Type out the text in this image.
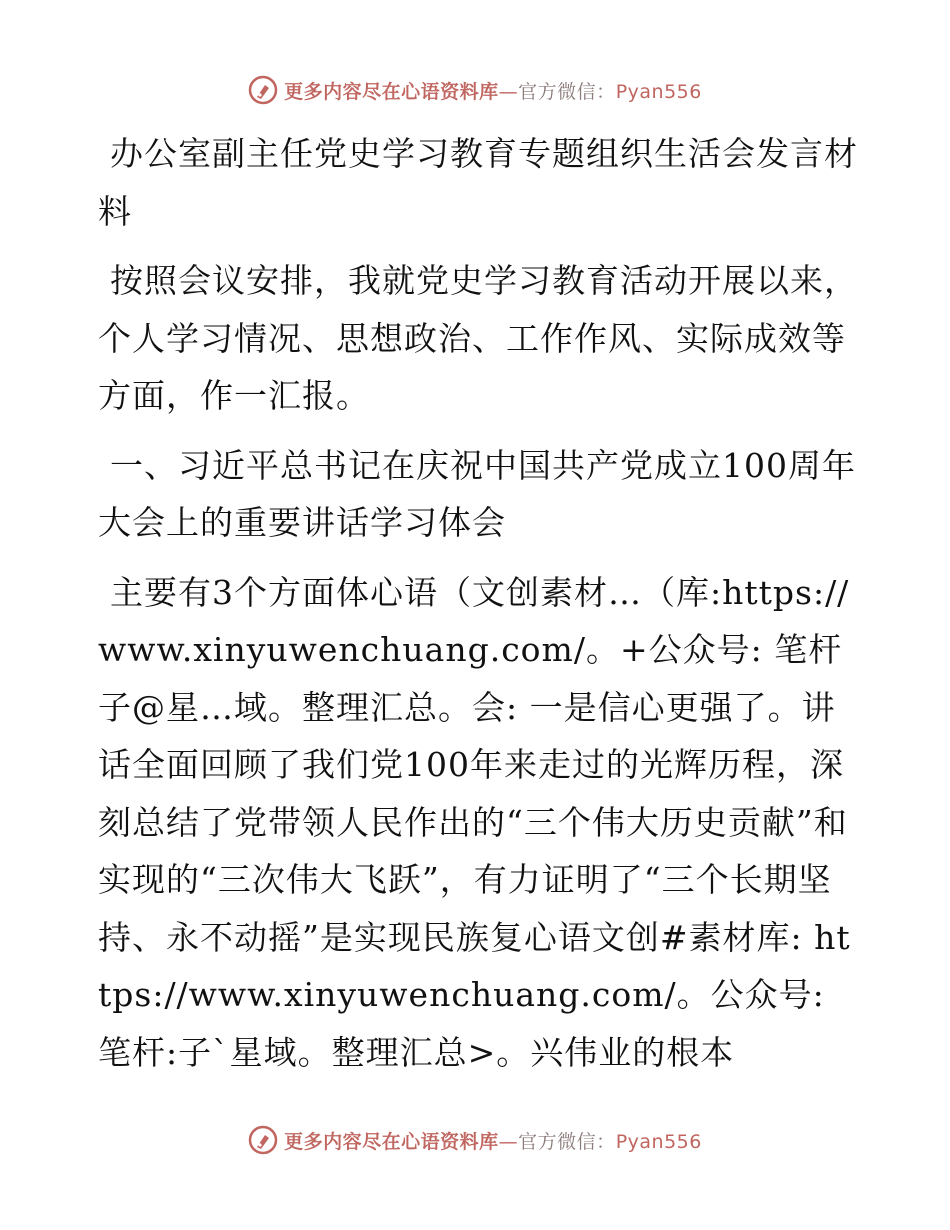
更多内容尽在心语资料库—官方微信：Pyan556

办公室副主任党史学习教育专题组织生活会发言材料

按照会议安排，我就党史学习教育活动开展以来，个人学习情况、思想政治、工作作风、实际成效等方面，作一汇报。

一、习近平总书记在庆祝中国共产党成立100周年大会上的重要讲话学习体会

主要有3个方面体心语（文创素材…（库:https://www.xinyuwenchuang.com/。+公众号: 笔杆子@星…域。整理汇总。会: 一是信心更强了。讲话全面回顾了我们党100年来走过的光辉历程，深刻总结了党带领人民作出的“三个伟大历史贡献”和实现的“三次伟大飞跃”，有力证明了“三个长期坚持、永不动摇”是实现民族复心语文创#素材库: https://www.xinyuwenchuang.com/。公众号: 笔杆:子`星域。整理汇总>。兴伟业的根本

更多内容尽在心语资料库—官方微信：Pyan556
